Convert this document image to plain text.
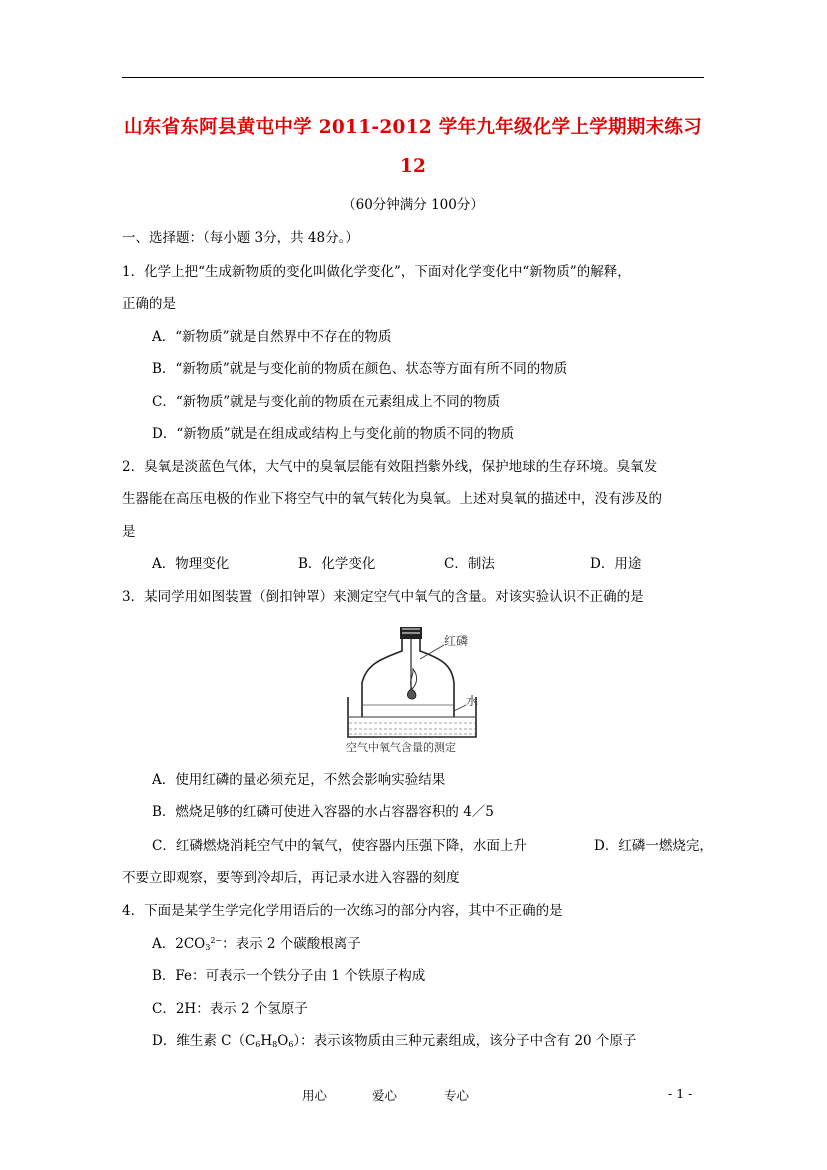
山东省东阿县黄屯中学 2011-2012 学年九年级化学上学期期末练习
12
（60分钟满分 100分）
一、选择题：（每小题 3分，共 48分。）
1．化学上把“生成新物质的变化叫做化学变化”，下面对化学变化中“新物质”的解释，
正确的是
A．“新物质”就是自然界中不存在的物质
B．“新物质”就是与变化前的物质在颜色、状态等方面有所不同的物质
C．“新物质”就是与变化前的物质在元素组成上不同的物质
D．“新物质”就是在组成或结构上与变化前的物质不同的物质
2．臭氧是淡蓝色气体，大气中的臭氧层能有效阻挡紫外线，保护地球的生存环境。臭氧发
生器能在高压电极的作业下将空气中的氧气转化为臭氧。上述对臭氧的描述中，没有涉及的
是
A．物理变化	B．化学变化	C．制法	D．用途
3．某同学用如图装置（倒扣钟罩）来测定空气中氧气的含量。对该实验认识不正确的是
红磷
水
空气中氧气含量的测定
A．使用红磷的量必须充足，不然会影响实验结果
B．燃烧足够的红磷可使进入容器的水占容器容积的 4／5
C．红磷燃烧消耗空气中的氧气，使容器内压强下降，水面上升	D．红磷一燃烧完，
不要立即观察，要等到冷却后，再记录水进入容器的刻度
4．下面是某学生学完化学用语后的一次练习的部分内容，其中不正确的是
A．$2CO3^{2-}$：表示 2 个碳酸根离子
B．Fe：可表示一个铁分子由 1 个铁原子构成
C．2H：表示 2 个氢原子
D．维生素 C（C6H8O6）：表示该物质由三种元素组成，该分子中含有 20 个原子
用心	爱心	专心	- 1 -
